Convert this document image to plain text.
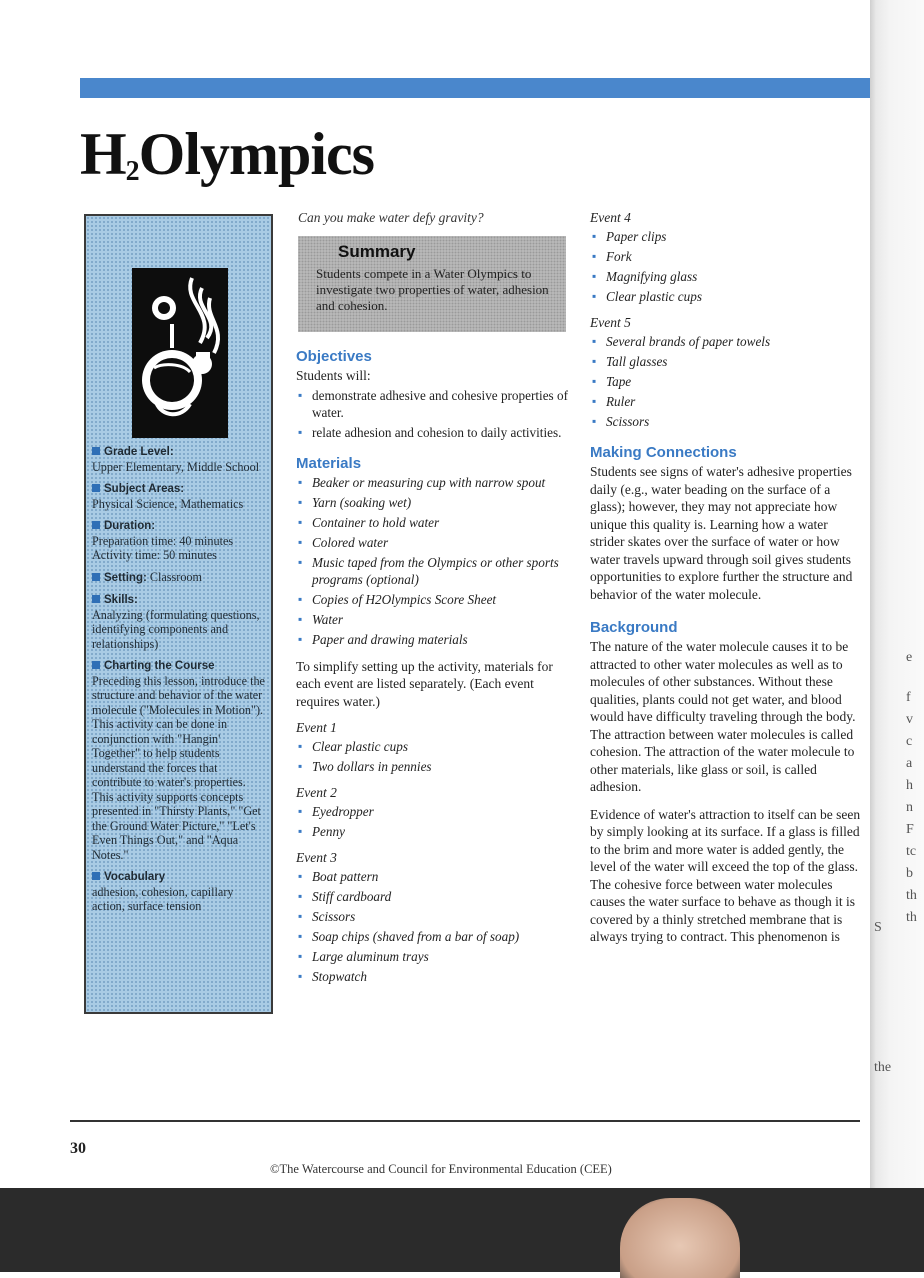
e
f
v
c
a
h
n
F
tc
b
th
th
S
the
$H_2Olympics$
Grade Level:
Upper Elementary, Middle School
Subject Areas:
Physical Science, Mathematics
Duration:
Preparation time: 40 minutes
Activity time: 50 minutes
Setting: Classroom
Skills:
Analyzing (formulating questions, identifying components and relationships)
Charting the Course
Preceding this lesson, introduce the structure and behavior of the water molecule ("Molecules in Motion"). This activity can be done in conjunction with "Hangin' Together" to help students understand the forces that contribute to water's properties. This activity supports concepts presented in "Thirsty Plants," "Get the Ground Water Picture," "Let's Even Things Out," and "Aqua Notes."
Vocabulary
adhesion, cohesion, capillary action, surface tension

Can you make water defy gravity?

Summary
Students compete in a Water Olympics to investigate two properties of water, adhesion and cohesion.
Objectives
Students will:
▪ demonstrate adhesive and cohesive properties of water.
▪ relate adhesion and cohesion to daily activities.
Materials
▪ Beaker or measuring cup with narrow spout
▪ Yarn (soaking wet)
▪ Container to hold water
▪ Colored water
▪ Music taped from the Olympics or other sports programs (optional)
▪ Copies of H2Olympics Score Sheet
▪ Water
▪ Paper and drawing materials
To simplify setting up the activity, materials for each event are listed separately. (Each event requires water.)
Event 1
▪ Clear plastic cups
▪ Two dollars in pennies
Event 2
▪ Eyedropper
▪ Penny
Event 3
▪ Boat pattern
▪ Stiff cardboard
▪ Scissors
▪ Soap chips (shaved from a bar of soap)
▪ Large aluminum trays
▪ Stopwatch
Event 4
▪ Paper clips
▪ Fork
▪ Magnifying glass
▪ Clear plastic cups
Event 5
▪ Several brands of paper towels
▪ Tall glasses
▪ Tape
▪ Ruler
▪ Scissors
Making Connections
Students see signs of water's adhesive properties daily (e.g., water beading on the surface of a glass); however, they may not appreciate how unique this quality is. Learning how a water strider skates over the surface of water or how water travels upward through soil gives students opportunities to explore further the structure and behavior of the water molecule.
Background
The nature of the water molecule causes it to be attracted to other water molecules as well as to molecules of other substances. Without these qualities, plants could not get water, and blood would have difficulty traveling through the body. The attraction between water molecules is called cohesion. The attraction of the water molecule to other materials, like glass or soil, is called adhesion.
Evidence of water's attraction to itself can be seen by simply looking at its surface. If a glass is filled to the brim and more water is added gently, the level of the water will exceed the top of the glass. The cohesive force between water molecules causes the water surface to behave as though it is covered by a thinly stretched membrane that is always trying to contract. This phenomenon is
30
©The Watercourse and Council for Environmental Education (CEE)
